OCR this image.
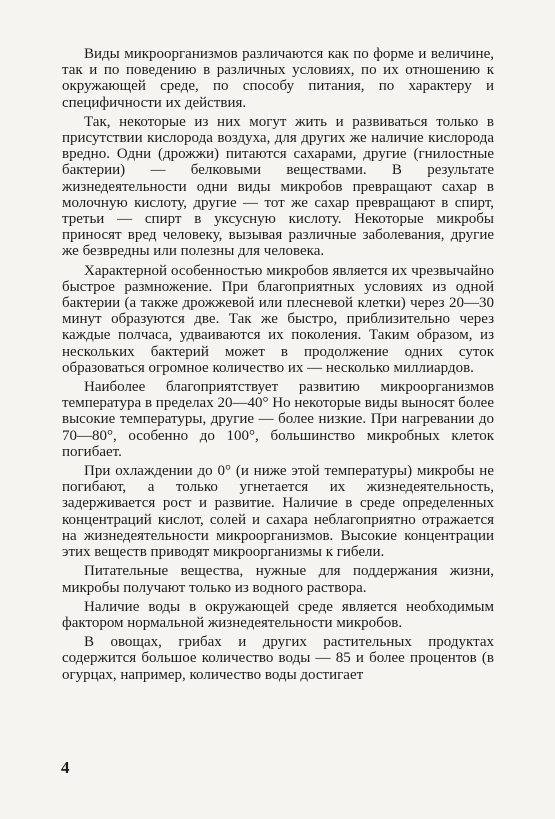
Виды микроорганизмов различаются как по форме и величине, так и по поведению в различных условиях, по их отношению к окружающей среде, по способу питания, по характеру и специфичности их действия.

Так, некоторые из них могут жить и развиваться только в присутствии кислорода воздуха, для других же наличие кислорода вредно. Одни (дрожжи) питаются сахарами, другие (гнилостные бактерии) — белковыми веществами. В результате жизнедеятельности одни виды микробов превращают сахар в молочную кислоту, другие — тот же сахар превращают в спирт, третьи — спирт в уксусную кислоту. Некоторые микробы приносят вред человеку, вызывая различные заболевания, другие же безвредны или полезны для человека.

Характерной особенностью микробов является их чрезвычайно быстрое размножение. При благоприятных условиях из одной бактерии (а также дрожжевой или плесневой клетки) через 20—30 минут образуются две. Так же быстро, приблизительно через каждые полчаса, удваиваются их поколения. Таким образом, из нескольких бактерий может в продолжение одних суток образоваться огромное количество их — несколько миллиардов.

Наиболее благоприятствует развитию микроорганизмов температура в пределах 20—40° Но некоторые виды выносят более высокие температуры, другие — более низкие. При нагревании до 70—80°, особенно до 100°, большинство микробных клеток погибает.

При охлаждении до 0° (и ниже этой температуры) микробы не погибают, а только угнетается их жизнедеятельность, задерживается рост и развитие. Наличие в среде определенных концентраций кислот, солей и сахара неблагоприятно отражается на жизнедеятельности микроорганизмов. Высокие концентрации этих веществ приводят микроорганизмы к гибели.

Питательные вещества, нужные для поддержания жизни, микробы получают только из водного раствора.

Наличие воды в окружающей среде является необходимым фактором нормальной жизнедеятельности микробов.

В овощах, грибах и других растительных продуктах содержится большое количество воды — 85 и более процентов (в огурцах, например, количество воды достигает

4
